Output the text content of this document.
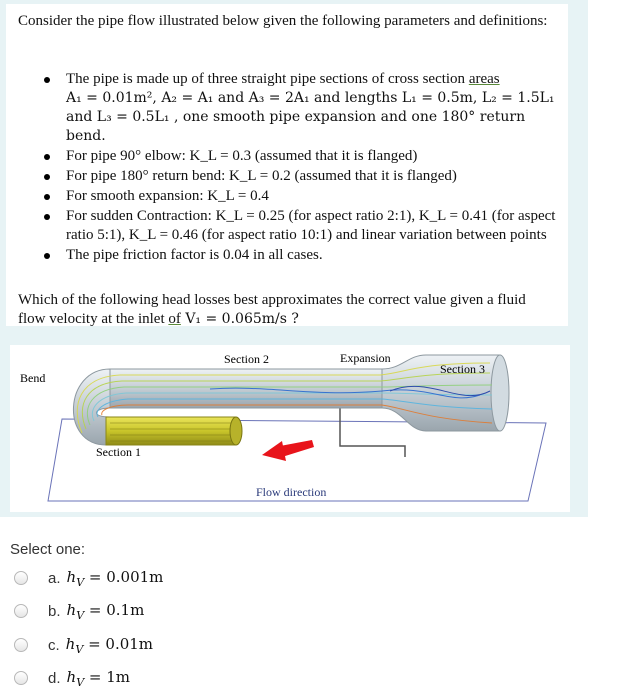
Consider the pipe flow illustrated below given the following parameters and definitions:
The pipe is made up of three straight pipe sections of cross section areas
A₁ = 0.01m², A₂ = A₁ and A₃ = 2A₁ and lengths L₁ = 0.5m, L₂ = 1.5L₁
and L₃ = 0.5L₁ , one smooth pipe expansion and one 180° return bend.
For pipe 90° elbow: K_L = 0.3 (assumed that it is flanged)
For pipe 180° return bend: K_L = 0.2 (assumed that it is flanged)
For smooth expansion: K_L = 0.4
For sudden Contraction: K_L = 0.25 (for aspect ratio 2:1), K_L = 0.41 (for aspect ratio 5:1), K_L = 0.46 (for aspect ratio 10:1) and linear variation between points
The pipe friction factor is 0.04 in all cases.
Which of the following head losses best approximates the correct value given a fluid
flow velocity at the inlet of V₁ = 0.065m/s ?
Bend
Section 1
Section 2	Expansion
Section 3
Flow direction
Select one:
a. $h_V = 0.001m$
b. $h_V = 0.1m$
c. $h_V = 0.01m$
d. $h_V = 1m$
